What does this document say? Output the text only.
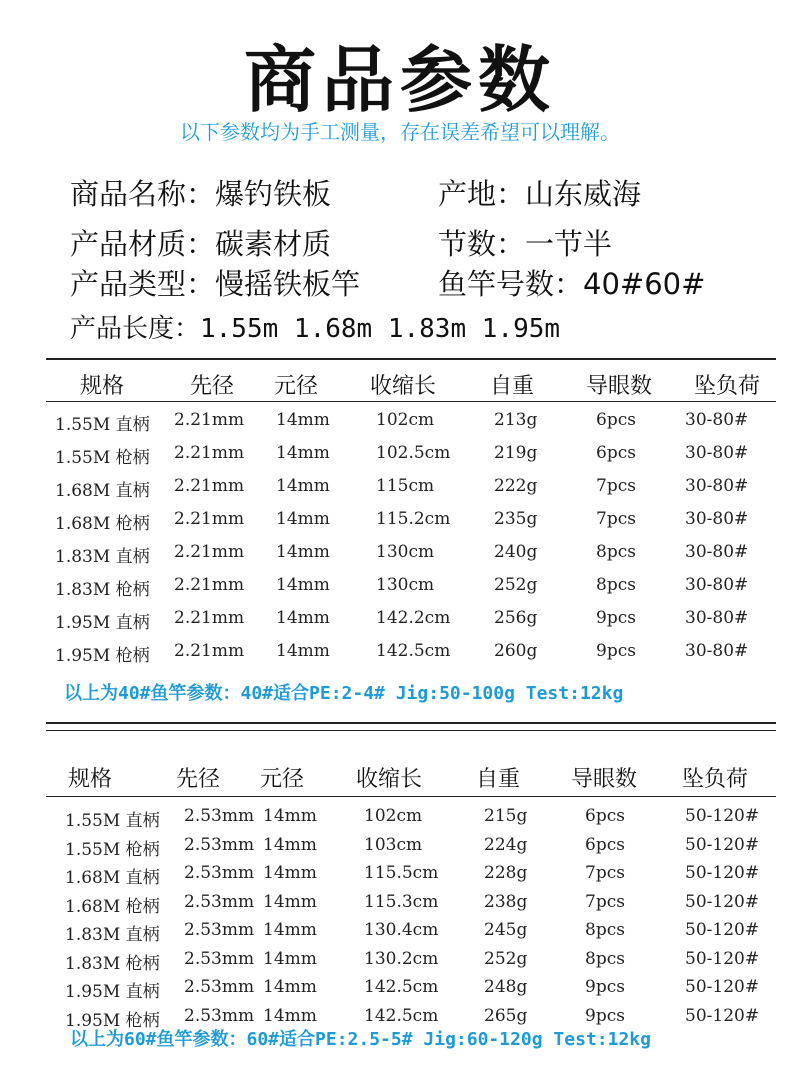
商品参数
以下参数均为手工测量，存在误差希望可以理解。
商品名称：爆钓铁板	产地：山东威海
产品材质：碳素材质	节数：一节半
产品类型：慢摇铁板竿	鱼竿号数：40#60#
产品长度：1.55m 1.68m 1.83m 1.95m
规格	先径 元径 收缩长 自重 导眼数 坠负荷
1.55M 直柄 2.21mm 14mm	102cm	213g	6pcs	30-80#
1.55M 枪柄 2.21mm 14mm	102.5cm	219g	6pcs	30-80#
1.68M 直柄 2.21mm 14mm	115cm	222g	7pcs	30-80#
1.68M 枪柄 2.21mm 14mm	115.2cm	235g	7pcs	30-80#
1.83M 直柄 2.21mm 14mm	130cm	240g	8pcs	30-80#
1.83M 枪柄 2.21mm 14mm	130cm	252g	8pcs	30-80#
1.95M 直柄 2.21mm 14mm	142.2cm	256g	9pcs	30-80#
1.95M 枪柄 2.21mm 14mm	142.5cm	260g	9pcs	30-80#
以上为40#鱼竿参数：40#适合PE:2-4# Jig:50-100g Test:12kg
规格	先径 元径 收缩长 自重 导眼数 坠负荷
1.55M 直柄 2.53mm 14mm	102cm	215g	6pcs	50-120#
1.55M 枪柄 2.53mm 14mm	103cm	224g	6pcs	50-120#
1.68M 直柄 2.53mm 14mm	115.5cm	228g	7pcs	50-120#
1.68M 枪柄 2.53mm 14mm	115.3cm	238g	7pcs	50-120#
1.83M 直柄 2.53mm 14mm	130.4cm	245g	8pcs	50-120#
1.83M 枪柄 2.53mm 14mm	130.2cm	252g	8pcs	50-120#
1.95M 直柄 2.53mm 14mm	142.5cm	248g	9pcs	50-120#
1.95M 枪柄 2.53mm 14mm	142.5cm	265g	9pcs	50-120#
以上为60#鱼竿参数：60#适合PE:2.5-5# Jig:60-120g Test:12kg
